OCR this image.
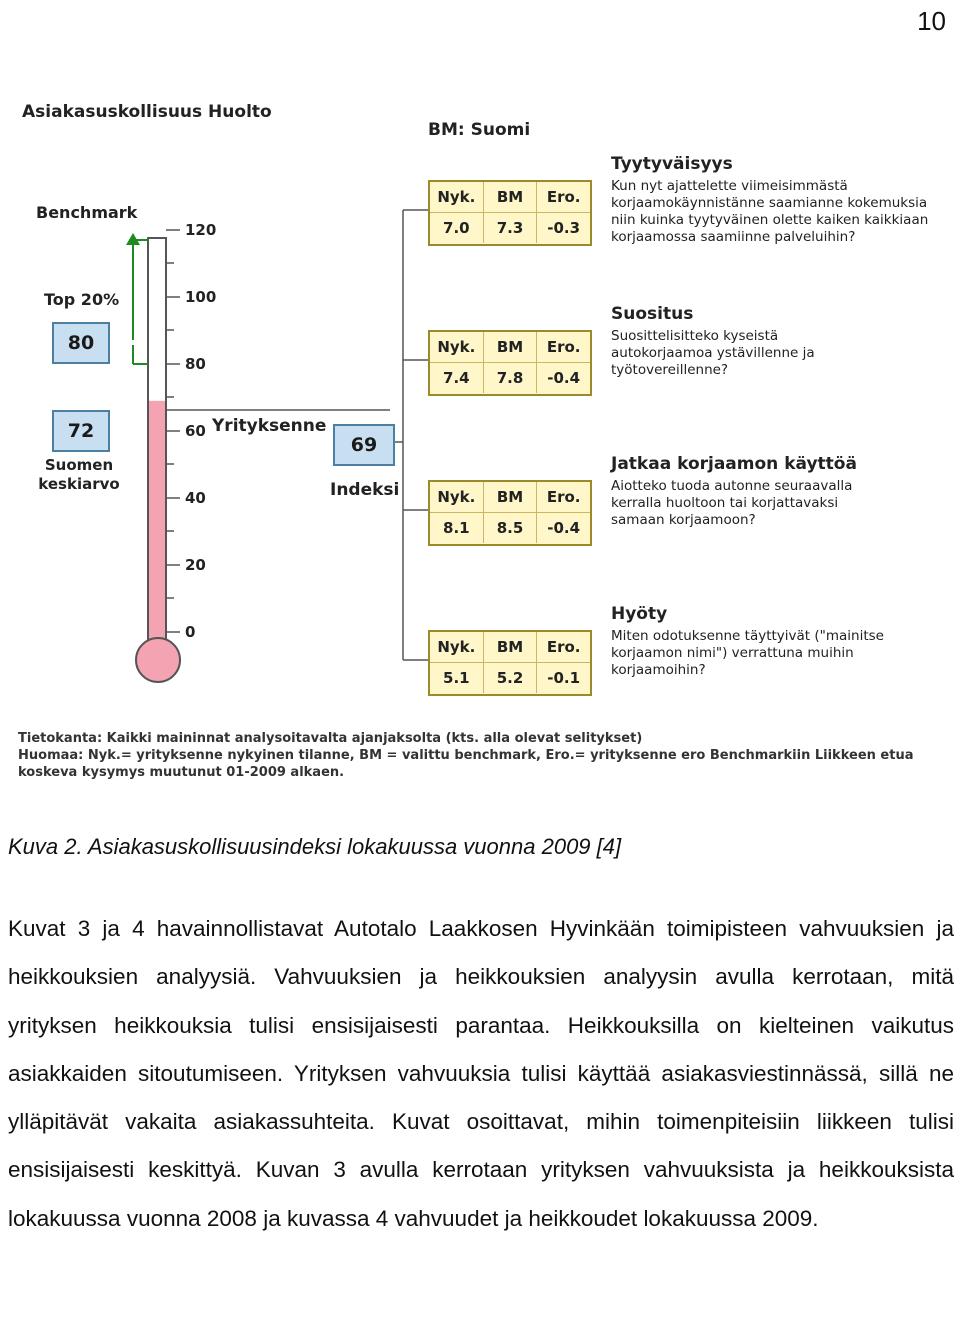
10
Asiakasuskollisuus Huolto
BM: Suomi
Benchmark
Top 20%
80
72
Suomen keskiarvo
Yrityksenne
69
Indeksi
120
100
80
60
40
20
0
Nyk.	BM	Ero.
7.0	7.3	-0.3
Nyk.	BM	Ero.
7.4	7.8	-0.4
Nyk.	BM	Ero.
8.1	8.5	-0.4
Nyk.	BM	Ero.
5.1	5.2	-0.1
Tyytyväisyys
Kun nyt ajattelette viimeisimmästä korjaamokäynnistänne saamianne kokemuksia niin kuinka tyytyväinen olette kaiken kaikkiaan korjaamossa saamiinne palveluihin?
Suositus
Suosittelisitteko kyseistä autokorjaamoa ystävillenne ja työtovereillenne?
Jatkaa korjaamon käyttöä
Aiotteko tuoda autonne seuraavalla kerralla huoltoon tai korjattavaksi samaan korjaamoon?
Hyöty
Miten odotuksenne täyttyivät ("mainitse korjaamon nimi") verrattuna muihin korjaamoihin?
Tietokanta: Kaikki maininnat analysoitavalta ajanjaksolta (kts. alla olevat selitykset)
Huomaa: Nyk.= yrityksenne nykyinen tilanne, BM = valittu benchmark, Ero.= yrityksenne ero Benchmarkiin Liikkeen etua
koskeva kysymys muutunut 01-2009 alkaen.
Kuva 2. Asiakasuskollisuusindeksi lokakuussa vuonna 2009 [4]

Kuvat 3 ja 4 havainnollistavat Autotalo Laakkosen Hyvinkään toimipisteen vahvuuksien ja heikkouksien analyysiä. Vahvuuksien ja heikkouksien analyysin avulla kerrotaan, mitä yrityksen heikkouksia tulisi ensisijaisesti parantaa. Heikkouksilla on kielteinen vaikutus asiakkaiden sitoutumiseen. Yrityksen vahvuuksia tulisi käyttää asiakasviestinnässä, sillä ne ylläpitävät vakaita asiakassuhteita. Kuvat osoittavat, mihin toimenpiteisiin liikkeen tulisi ensisijaisesti keskittyä. Kuvan 3 avulla kerrotaan yrityksen vahvuuksista ja heikkouksista lokakuussa vuonna 2008 ja kuvassa 4 vahvuudet ja heikkoudet lokakuussa 2009.
